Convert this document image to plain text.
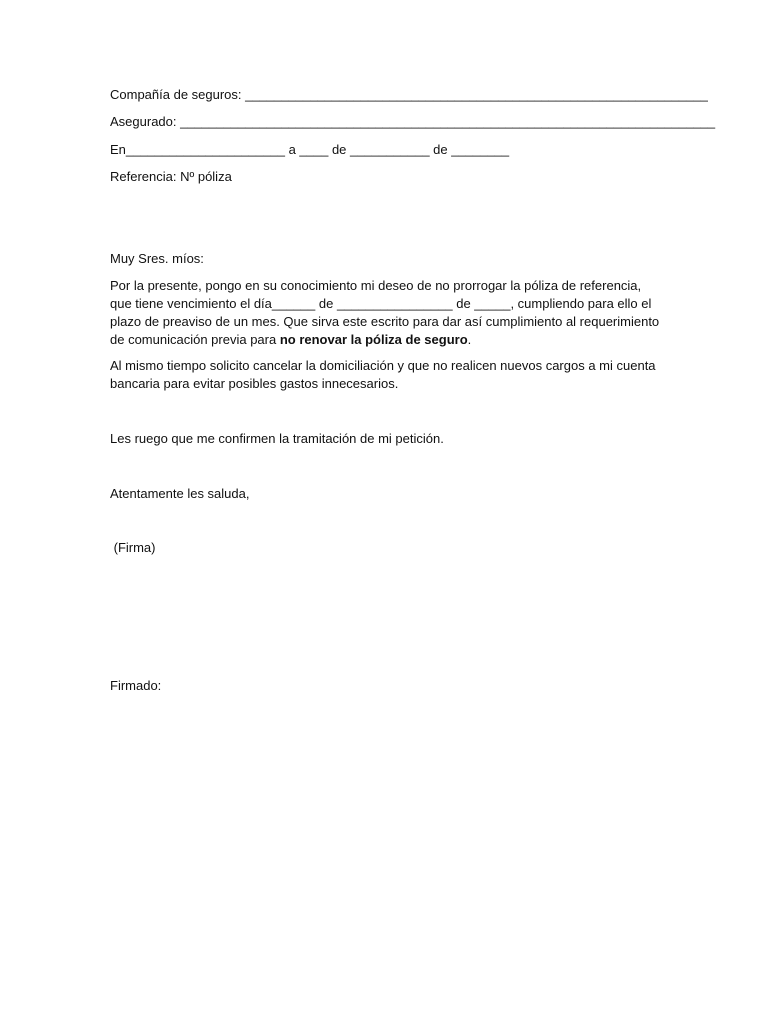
Compañía de seguros: ________________________________________________________________
Asegurado: __________________________________________________________________________
En______________________ a ____ de ___________ de ________
Referencia: Nº póliza
Muy Sres. míos:
Por la presente, pongo en su conocimiento mi deseo de no prorrogar la póliza de referencia,
que tiene vencimiento el día______ de ________________ de _____, cumpliendo para ello el
plazo de preaviso de un mes. Que sirva este escrito para dar así cumplimiento al requerimiento
de comunicación previa para no renovar la póliza de seguro.
Al mismo tiempo solicito cancelar la domiciliación y que no realicen nuevos cargos a mi cuenta
bancaria para evitar posibles gastos innecesarios.
Les ruego que me confirmen la tramitación de mi petición.
Atentamente les saluda,
(Firma)
Firmado:
